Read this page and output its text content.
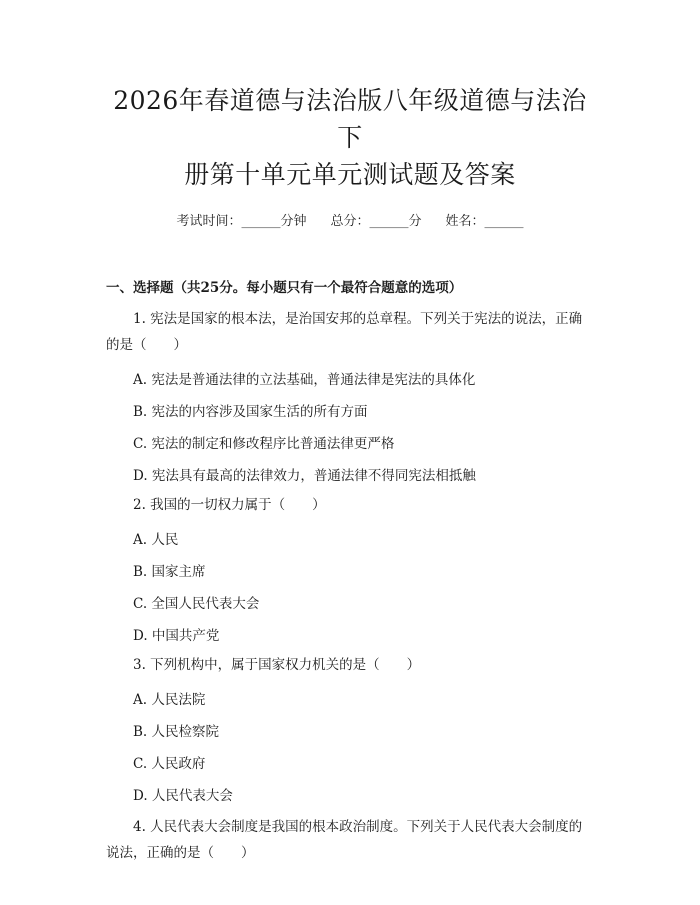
2026年春道德与法治版八年级道德与法治下
册第十单元单元测试题及答案
考试时间：______分钟 总分：______分 姓名：______
一、选择题（共25分。每小题只有一个最符合题意的选项）
1. 宪法是国家的根本法，是治国安邦的总章程。下列关于宪法的说法，正确的是（　　）
A. 宪法是普通法律的立法基础，普通法律是宪法的具体化
B. 宪法的内容涉及国家生活的所有方面
C. 宪法的制定和修改程序比普通法律更严格
D. 宪法具有最高的法律效力，普通法律不得同宪法相抵触
2. 我国的一切权力属于（　　）
A. 人民
B. 国家主席
C. 全国人民代表大会
D. 中国共产党
3. 下列机构中，属于国家权力机关的是（　　）
A. 人民法院
B. 人民检察院
C. 人民政府
D. 人民代表大会
4. 人民代表大会制度是我国的根本政治制度。下列关于人民代表大会制度的说法，正确的是（　　）
